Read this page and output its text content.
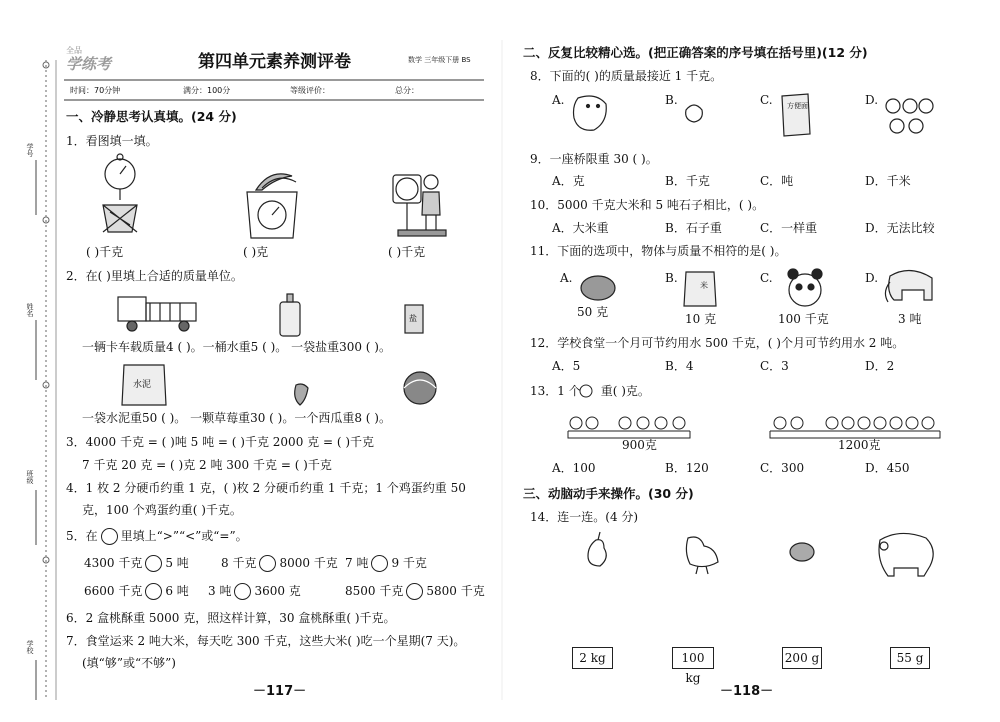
学号
姓名
班级
学校
全品
学练考	第四单元素养测评卷	数学 三年级下册 BS
时间：70分钟	满分：100分	等级评价：	总分：
一、冷静思考认真填。(24 分)
1．看图填一填。
( )千克	( )克	( )千克
2．在( )里填上合适的质量单位。
盐
一辆卡车载质量4 ( )。一桶水重5 ( )。 一袋盐重300 ( )。
水泥
一袋水泥重50 ( )。 一颗草莓重30 ( )。一个西瓜重8 ( )。
3．4000 千克 = ( )吨 5 吨 = ( )千克 2000 克 = ( )千克
7 千克 20 克 = ( )克 2 吨 300 千克 = ( )千克
4．1 枚 2 分硬币约重 1 克，( )枚 2 分硬币约重 1 千克；1 个鸡蛋约重 50
克，100 个鸡蛋约重( )千克。
5．在 里填上“>”“<”或“=”。
4300 千克 5 吨	8 千克 8000 千克 7 吨 9 千克
6600 千克 6 吨 3 吨 3600 克	8500 千克 5800 千克
6．2 盒桃酥重 5000 克，照这样计算，30 盒桃酥重( )千克。
7．食堂运来 2 吨大米，每天吃 300 千克，这些大米( )吃一个星期(7 天)。
(填“够”或“不够”)
－117－
二、反复比较精心选。(把正确答案的序号填在括号里)(12 分)
8．下面的( )的质量最接近 1 千克。
A.	B.	C.	D.
方便面
9．一座桥限重 30 ( )。
A．克	B．千克	C．吨	D．千米
10．5000 千克大米和 5 吨石子相比，( )。
A．大米重	B．石子重	C．一样重	D．无法比较
11．下面的选项中，物体与质量不相符的是( )。
A.	B.	C.	D.
米
50 克	10 克	100 千克	3 吨
12．学校食堂一个月可节约用水 500 千克，( )个月可节约用水 2 吨。
A．5	B．4	C．3	D．2
13．1 个 重( )克。
900克	1200克
A．100	B．120	C．300	D．450
三、动脑动手来操作。(30 分)
14．连一连。(4 分)
2 kg	100 kg
200 g	55 g
－118－
